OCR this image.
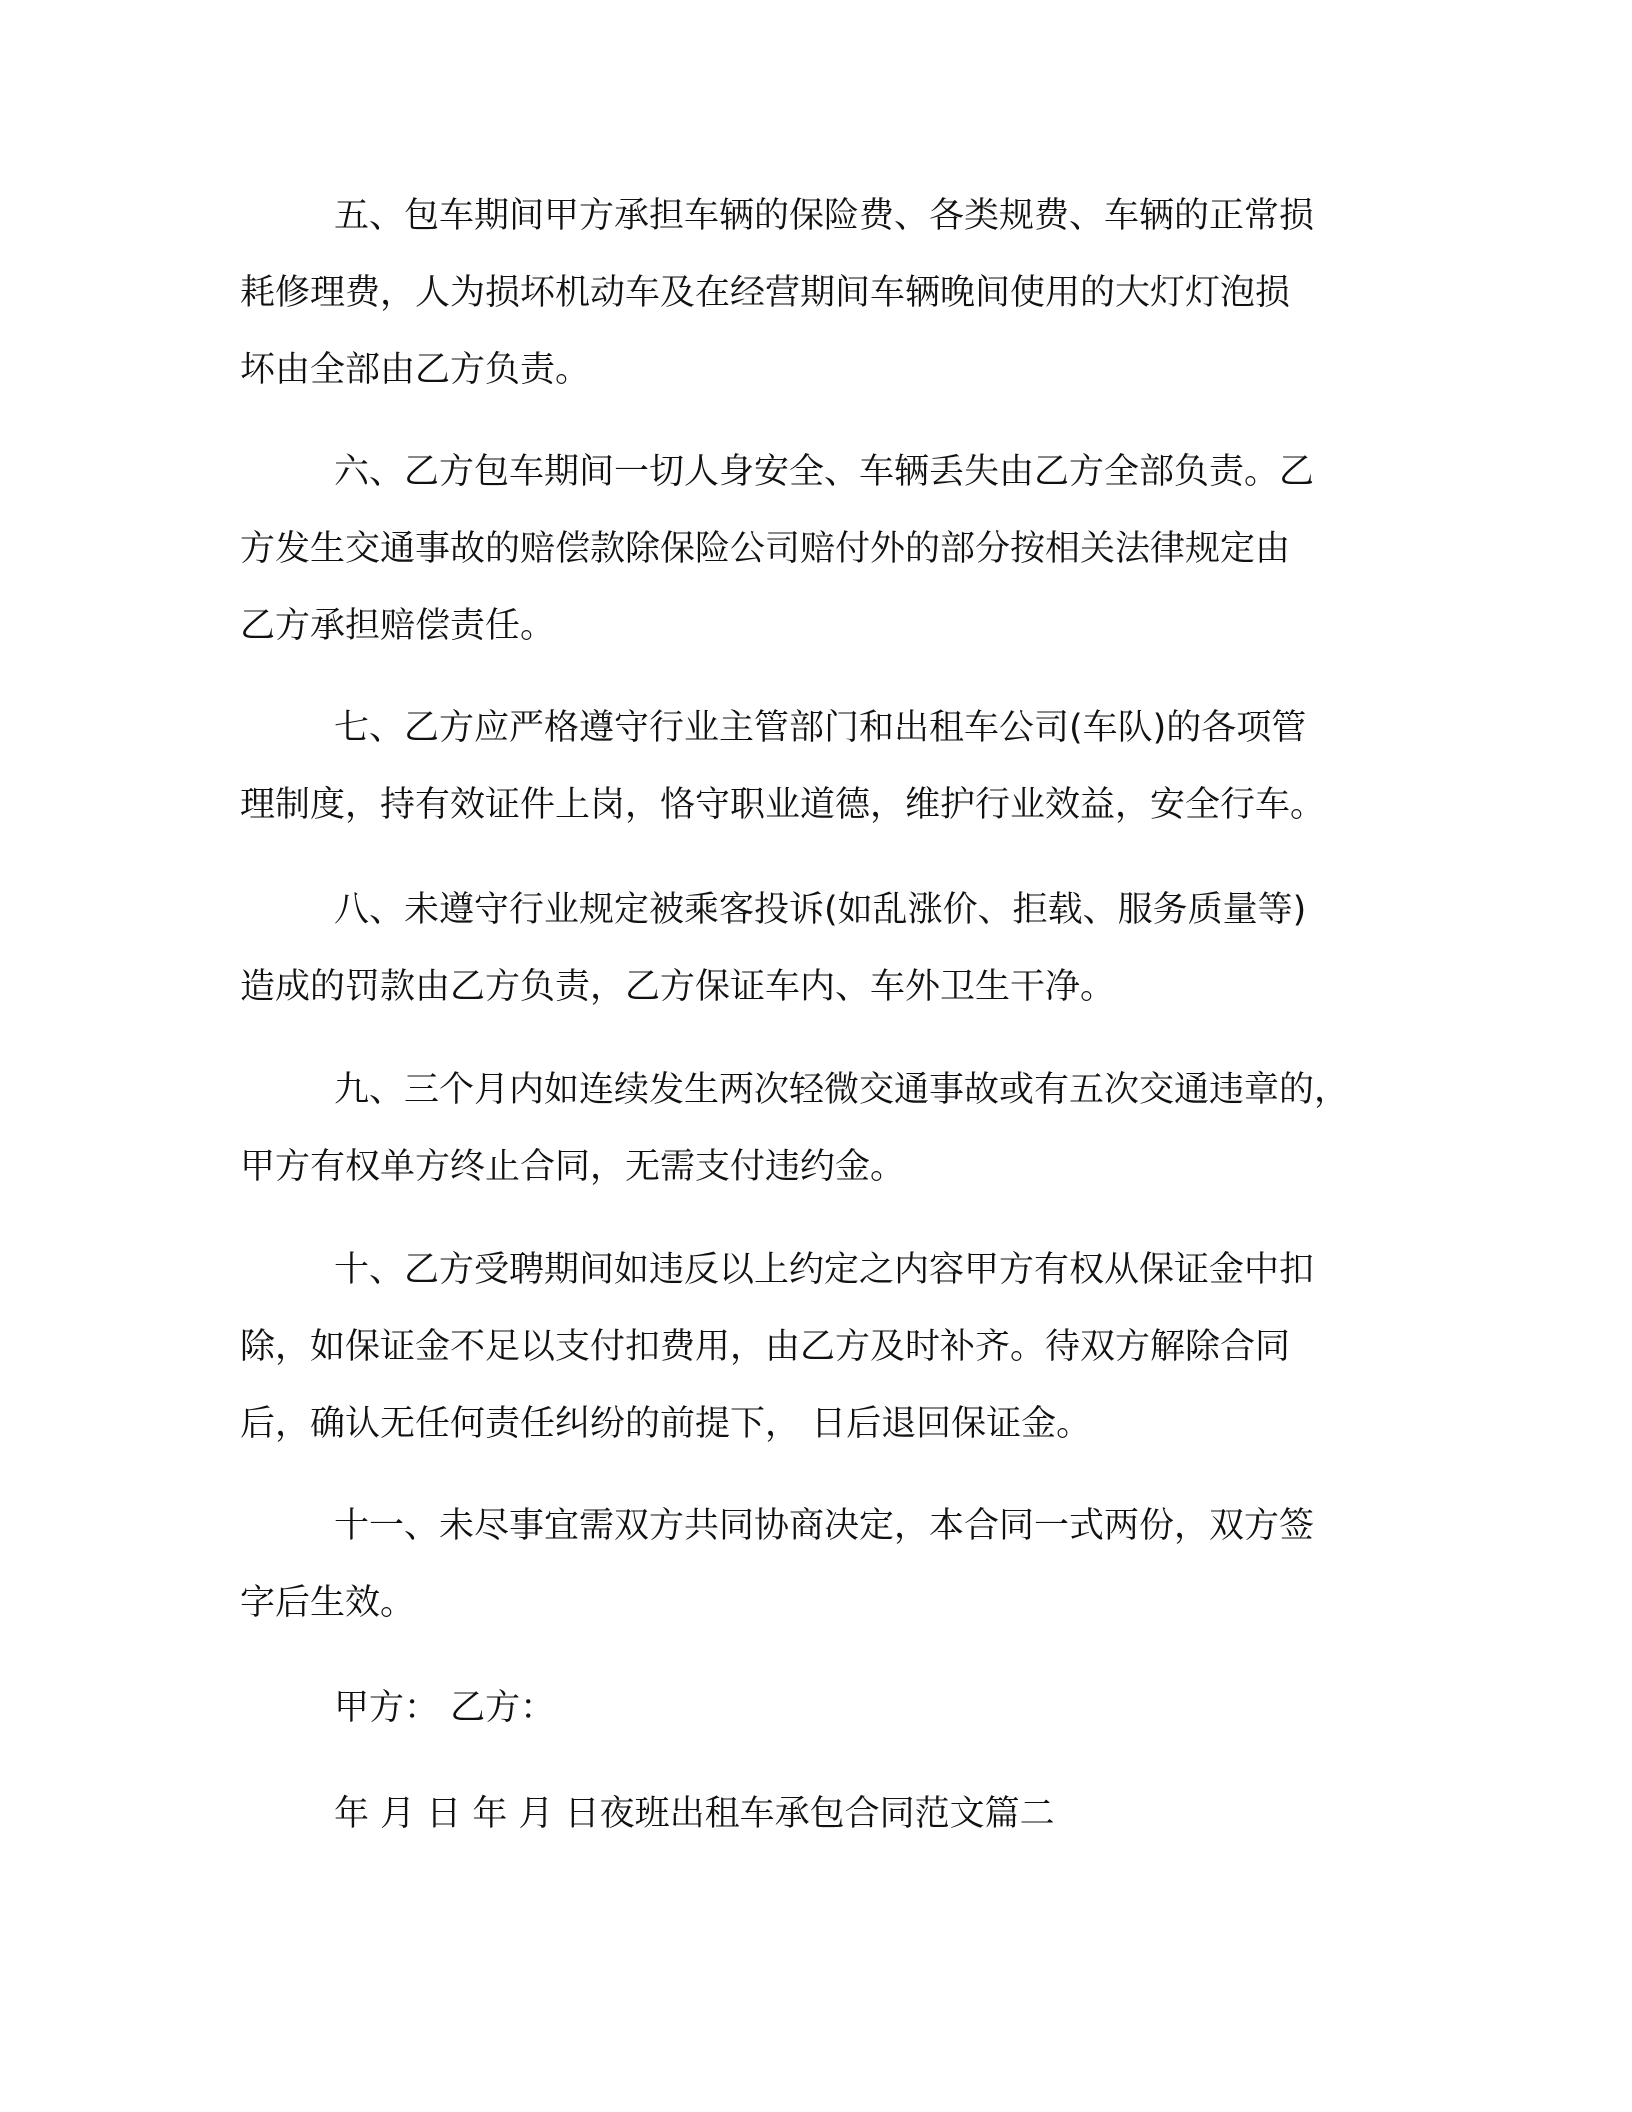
五、包车期间甲方承担车辆的保险费、各类规费、车辆的正常损
耗修理费，人为损坏机动车及在经营期间车辆晚间使用的大灯灯泡损
坏由全部由乙方负责。
六、乙方包车期间一切人身安全、车辆丢失由乙方全部负责。乙
方发生交通事故的赔偿款除保险公司赔付外的部分按相关法律规定由
乙方承担赔偿责任。
七、乙方应严格遵守行业主管部门和出租车公司(车队)的各项管
理制度，持有效证件上岗，恪守职业道德，维护行业效益，安全行车。
八、未遵守行业规定被乘客投诉(如乱涨价、拒载、服务质量等)
造成的罚款由乙方负责，乙方保证车内、车外卫生干净。
九、三个月内如连续发生两次轻微交通事故或有五次交通违章的，
甲方有权单方终止合同，无需支付违约金。
十、乙方受聘期间如违反以上约定之内容甲方有权从保证金中扣
除，如保证金不足以支付扣费用，由乙方及时补齐。待双方解除合同
后，确认无任何责任纠纷的前提下， 日后退回保证金。
十一、未尽事宜需双方共同协商决定，本合同一式两份，双方签
字后生效。
甲方： 乙方：
年 月 日 年 月 日夜班出租车承包合同范文篇二
